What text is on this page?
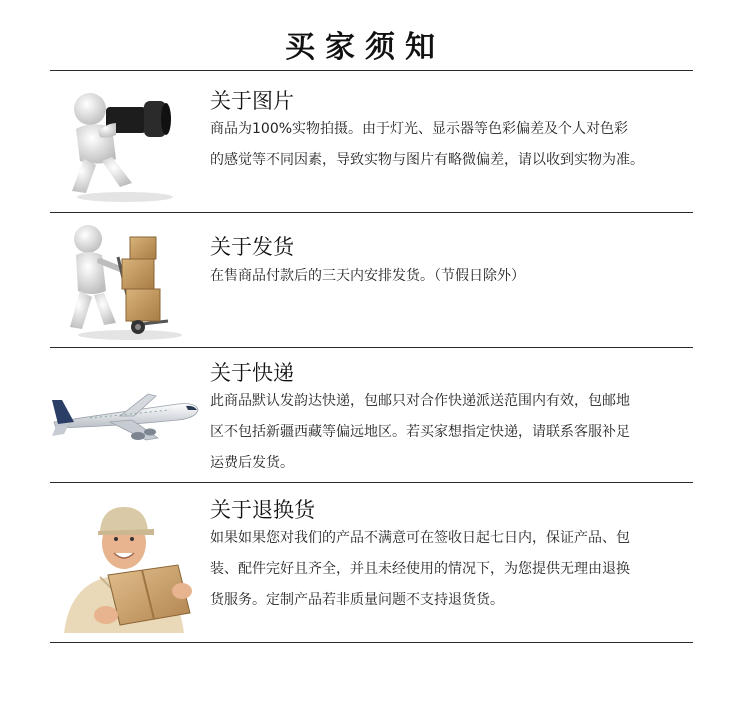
买家须知
关于图片
商品为100%实物拍摄。由于灯光、显示器等色彩偏差及个人对色彩
的感觉等不同因素，导致实物与图片有略微偏差，请以收到实物为准。
关于发货
在售商品付款后的三天内安排发货。（节假日除外）
关于快递
此商品默认发韵达快递，包邮只对合作快递派送范围内有效，包邮地
区不包括新疆西藏等偏远地区。若买家想指定快递，请联系客服补足
运费后发货。
关于退换货
如果如果您对我们的产品不满意可在签收日起七日内，保证产品、包
装、配件完好且齐全，并且未经使用的情况下，为您提供无理由退换
货服务。定制产品若非质量问题不支持退货货。
